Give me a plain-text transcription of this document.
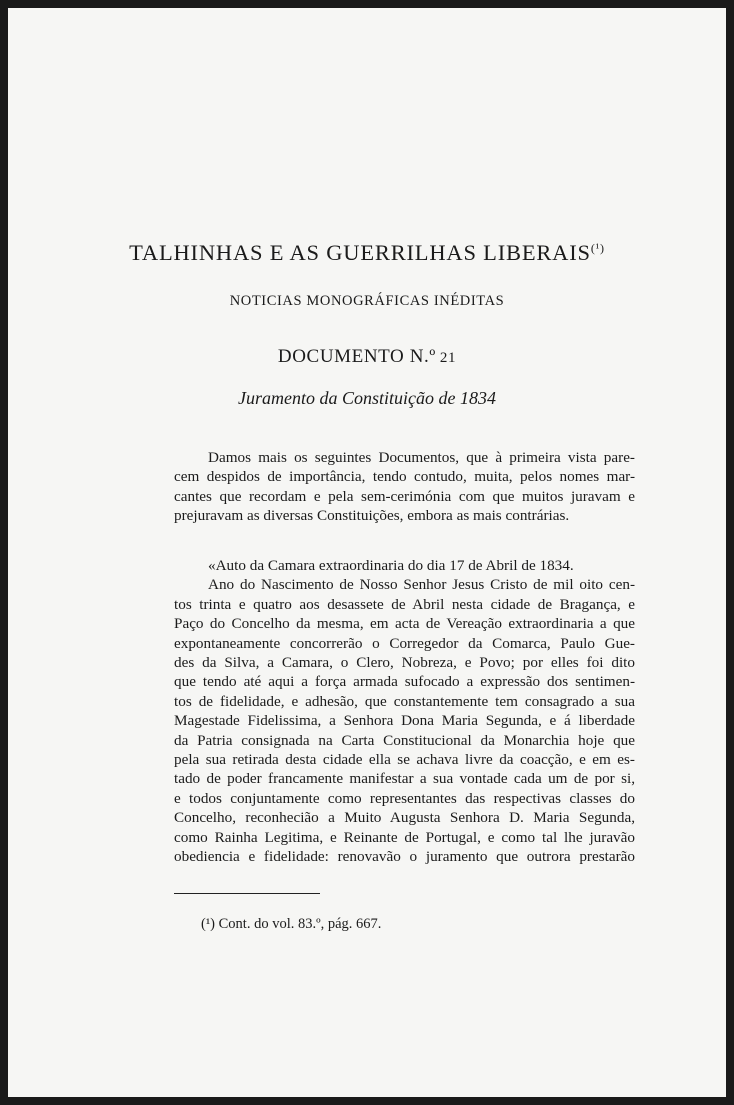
TALHINHAS E AS GUERRILHAS $LIBERAIS^{(^1)}$
NOTICIAS MONOGRÁFICAS INÉDITAS
DOCUMENTO N.º 21
Juramento da Constituição de 1834
Damos mais os seguintes Documentos, que à primeira vista pare-
cem despidos de importância, tendo contudo, muita, pelos nomes mar-
cantes que recordam e pela sem-cerimónia com que muitos juravam e
prejuravam as diversas Constituições, embora as mais contrárias.
«Auto da Camara extraordinaria do dia 17 de Abril de 1834.
Ano do Nascimento de Nosso Senhor Jesus Cristo de mil oito cen-
tos trinta e quatro aos desassete de Abril nesta cidade de Bragança, e
Paço do Concelho da mesma, em acta de Vereação extraordinaria a que
expontaneamente concorrerão o Corregedor da Comarca, Paulo Gue-
des da Silva, a Camara, o Clero, Nobreza, e Povo; por elles foi dito
que tendo até aqui a força armada sufocado a expressão dos sentimen-
tos de fidelidade, e adhesão, que constantemente tem consagrado a sua
Magestade Fidelissima, a Senhora Dona Maria Segunda, e á liberdade
da Patria consignada na Carta Constitucional da Monarchia hoje que
pela sua retirada desta cidade ella se achava livre da coacção, e em es-
tado de poder francamente manifestar a sua vontade cada um de por si,
e todos conjuntamente como representantes das respectivas classes do
Concelho, reconhecião a Muito Augusta Senhora D. Maria Segunda,
como Rainha Legitima, e Reinante de Portugal, e como tal lhe juravão
obediencia e fidelidade: renovavão o juramento que outrora prestarão
(¹) Cont. do vol. 83.º, pág. 667.
